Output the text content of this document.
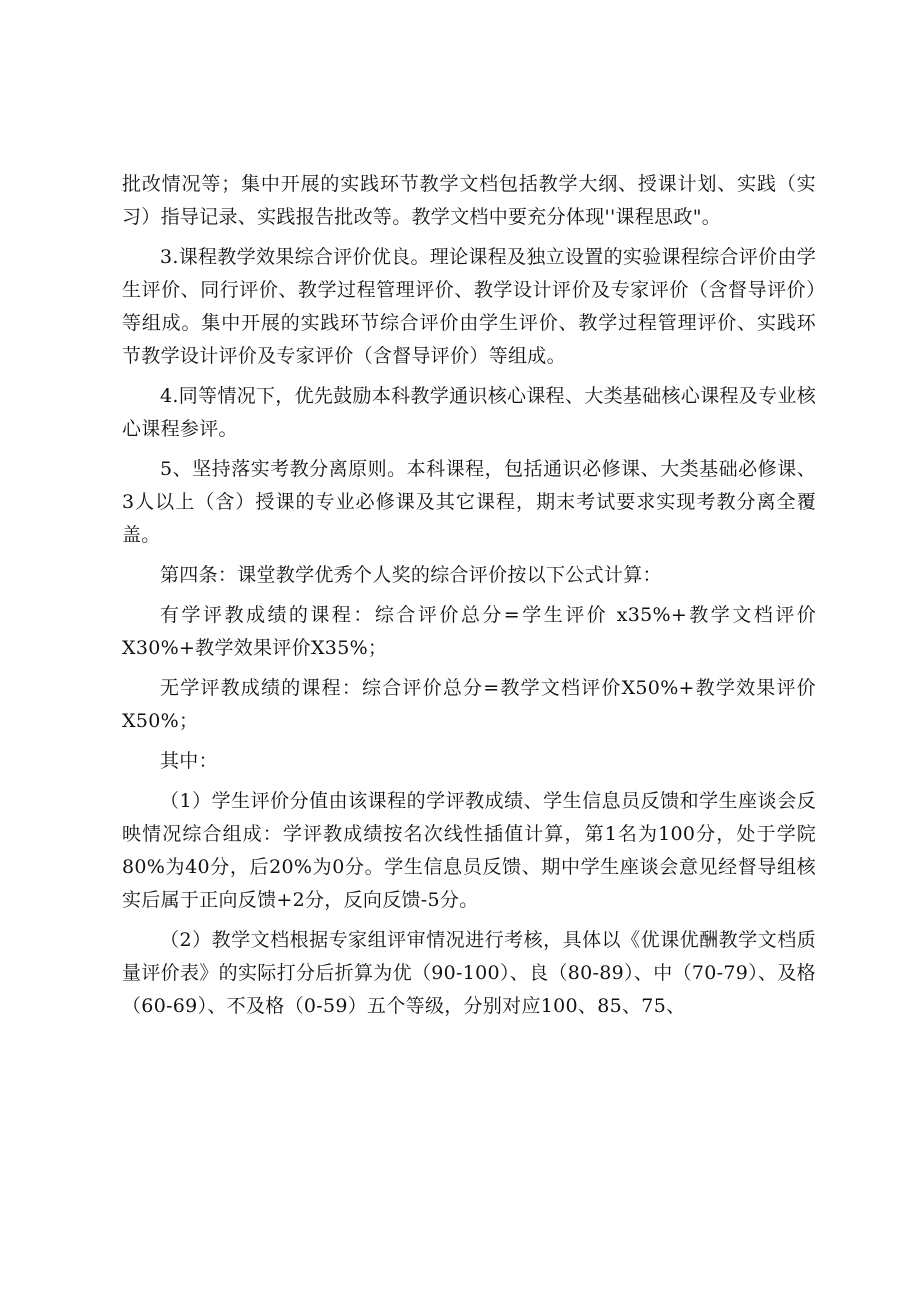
批改情况等；集中开展的实践环节教学文档包括教学大纲、授课计划、实践（实习）指导记录、实践报告批改等。教学文档中要充分体现''课程思政"。

3.课程教学效果综合评价优良。理论课程及独立设置的实验课程综合评价由学生评价、同行评价、教学过程管理评价、教学设计评价及专家评价（含督导评价）等组成。集中开展的实践环节综合评价由学生评价、教学过程管理评价、实践环节教学设计评价及专家评价（含督导评价）等组成。

4.同等情况下，优先鼓励本科教学通识核心课程、大类基础核心课程及专业核心课程参评。

5、坚持落实考教分离原则。本科课程，包括通识必修课、大类基础必修课、3人以上（含）授课的专业必修课及其它课程，期末考试要求实现考教分离全覆盖。

第四条：课堂教学优秀个人奖的综合评价按以下公式计算：

有学评教成绩的课程：综合评价总分=学生评价 x35%+教学文档评价X30%+教学效果评价X35%；

无学评教成绩的课程：综合评价总分=教学文档评价X50%+教学效果评价X50%；

其中：

（1）学生评价分值由该课程的学评教成绩、学生信息员反馈和学生座谈会反映情况综合组成：学评教成绩按名次线性插值计算，第1名为100分，处于学院80%为40分，后20%为0分。学生信息员反馈、期中学生座谈会意见经督导组核实后属于正向反馈+2分，反向反馈-5分。

（2）教学文档根据专家组评审情况进行考核，具体以《优课优酬教学文档质量评价表》的实际打分后折算为优（90-100）、良（80-89）、中（70-79）、及格（60-69）、不及格（0-59）五个等级，分别对应100、85、75、
